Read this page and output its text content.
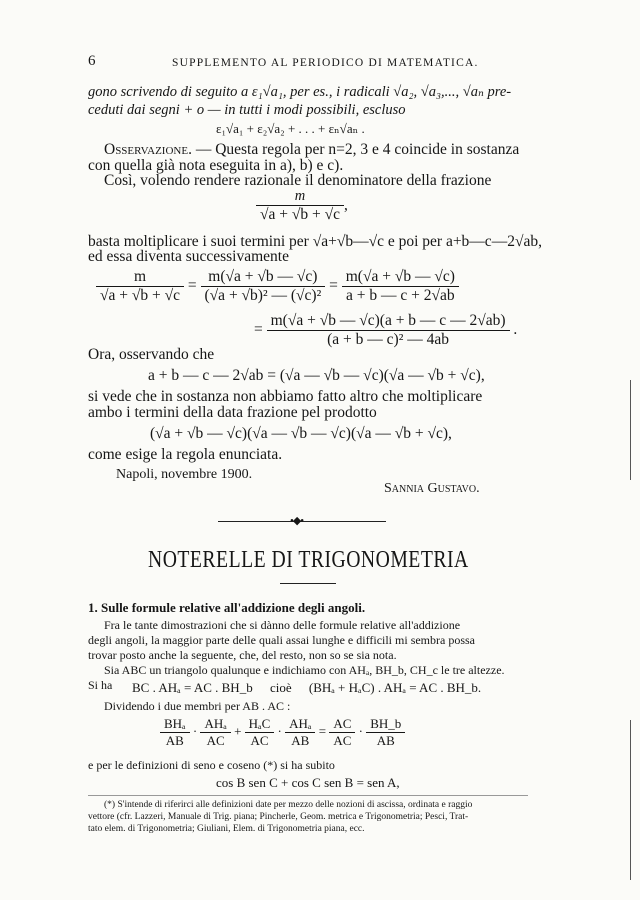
6	SUPPLEMENTO AL PERIODICO DI MATEMATICA.
gono scrivendo di seguito a ε₁√a₁, per es., i radicali √a₂, √a₃,..., √aₙ pre-
ceduti dai segni + o — in tutti i modi possibili, escluso
ε₁√a₁ + ε₂√a₂ + . . . + εₙ√aₙ .
Osservazione. — Questa regola per n=2, 3 e 4 coincide in sostanza
con quella già nota eseguita in a), b) e c).
Così, volendo rendere razionale il denominatore della frazione
$\frac{m}{√a + √b + √c}$ ,
basta moltiplicare i suoi termini per √a+√b—√c e poi per a+b—c—2√ab,
ed essa diventa successivamente
$\frac{m}{√a + √b + √c} = \frac{m(√a + √b — √c)}{\text{(√a + √b)² — (√c)²}} = \frac{m(√a + √b — √c)}{a + b — c + 2√ab}$
= $\frac{m(√a + √b — √c)(a + b — c — 2√ab)}{\text{(a + b — c)² — 4ab}}$ .
Ora, osservando che
a + b — c — 2√ab = (√a — √b — √c)(√a — √b + √c),
si vede che in sostanza non abbiamo fatto altro che moltiplicare
ambo i termini della data frazione pel prodotto
(√a + √b — √c)(√a — √b — √c)(√a — √b + √c),
come esige la regola enunciata.
Napoli, novembre 1900.
Sannia Gustavo.
•◆•
NOTERELLE DI TRIGONOMETRIA
1. Sulle formule relative all'addizione degli angoli.
Fra le tante dimostrazioni che si dànno delle formule relative all'addizione
degli angoli, la maggior parte delle quali assai lunghe e difficili mi sembra possa
trovar posto anche la seguente, che, del resto, non so se sia nota.
Sia ABC un triangolo qualunque e indichiamo con AHₐ, BH_b, CH_c le tre altezze.
Si ha BC . AHₐ = AC . BH_b cioè (BHₐ + HₐC) . AHₐ = AC . BH_b.
Dividendo i due membri per AB . AC :
$\frac{\text{BHₐ}}{AB} \cdot \frac{\text{AHₐ}}{AC} + \frac{\text{HₐC}}{AC} \cdot \frac{\text{AHₐ}}{AB} = \frac{AC}{AC} \cdot \frac{BH\_b}{AB}$
e per le definizioni di seno e coseno (*) si ha subito
cos B sen C + cos C sen B = sen A,
(*) S'intende di riferirci alle definizioni date per mezzo delle nozioni di ascissa, ordinata e raggio
vettore (cfr. Lazzeri, Manuale di Trig. piana; Pincherle, Geom. metrica e Trigonometria; Pesci, Trat-
tato elem. di Trigonometria; Giuliani, Elem. di Trigonometria piana, ecc.
